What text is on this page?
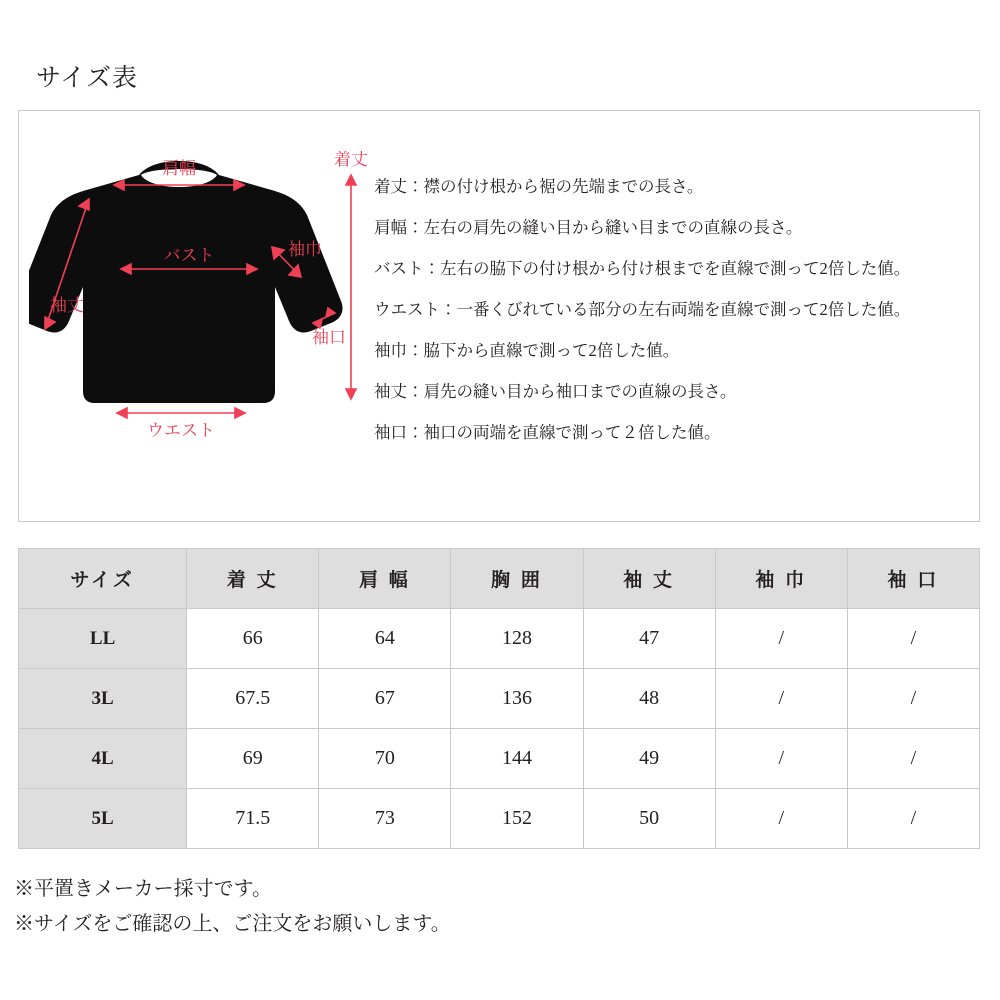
サイズ表
肩幅	着丈
バスト	袖巾
袖丈
ウエスト
袖口
着丈：襟の付け根から裾の先端までの長さ。
肩幅：左右の肩先の縫い目から縫い目までの直線の長さ。
バスト：左右の脇下の付け根から付け根までを直線で測って2倍した値。
ウエスト：一番くびれている部分の左右両端を直線で測って2倍した値。
袖巾：脇下から直線で測って2倍した値。
袖丈：肩先の縫い目から袖口までの直線の長さ。
袖口：袖口の両端を直線で測って２倍した値。
サイズ	着 丈	肩 幅	胸 囲	袖 丈	袖 巾	袖 口
LL	66	64	128	47	/	/
3L	67.5	67	136	48	/	/
4L	69	70	144	49	/	/
5L	71.5	73	152	50	/	/
※平置きメーカー採寸です。
※サイズをご確認の上、ご注文をお願いします。
